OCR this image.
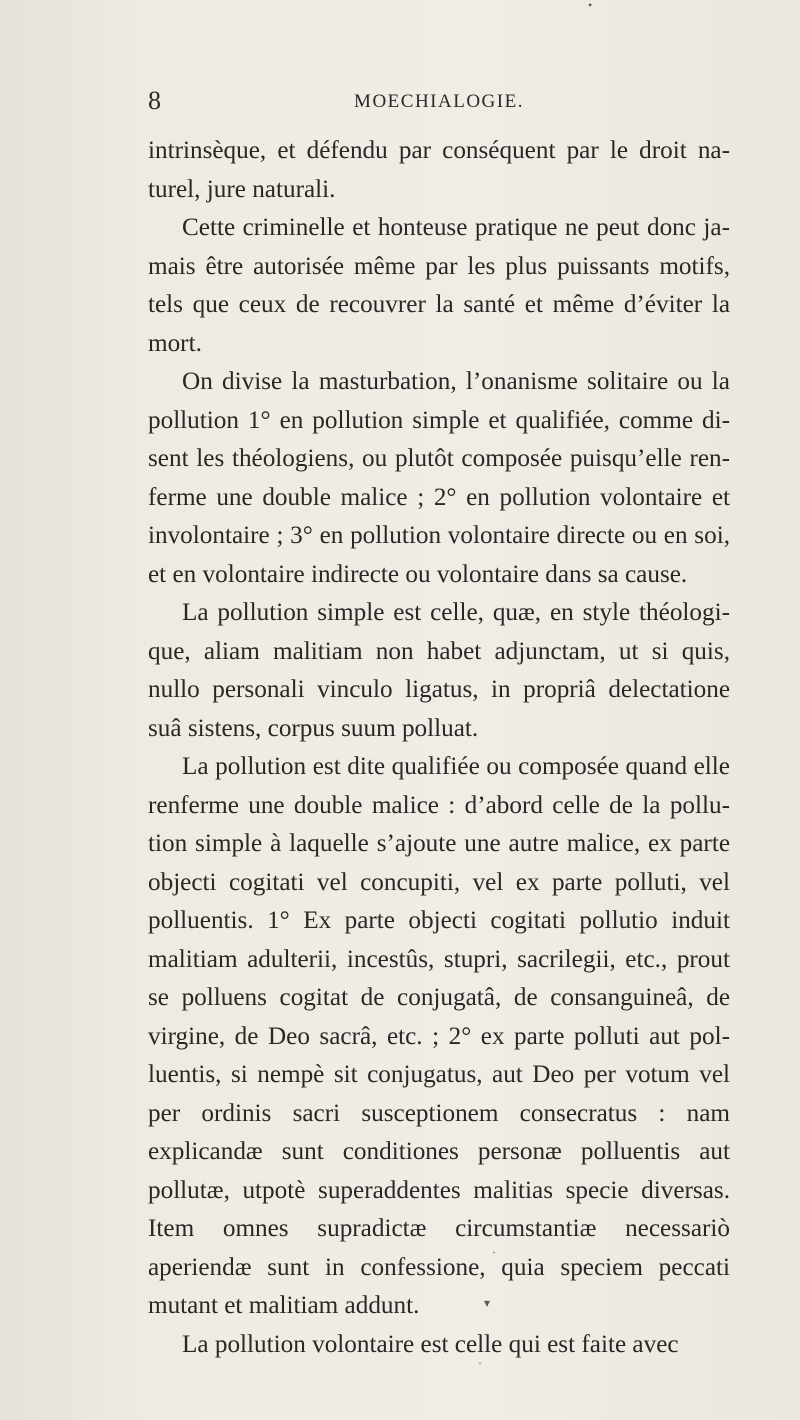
•
8	MOECHIALOGIE.

intrinsèque, et défendu par conséquent par le droit naturel, jure naturali.

Cette criminelle et honteuse pratique ne peut donc jamais être autorisée même par les plus puissants motifs, tels que ceux de recouvrer la santé et même d’éviter la mort.

On divise la masturbation, l’onanisme solitaire ou la pollution 1° en pollution simple et qualifiée, comme disent les théologiens, ou plutôt composée puisqu’elle renferme une double malice ; 2° en pollution volontaire et involontaire ; 3° en pollution volontaire directe ou en soi, et en volontaire indirecte ou volontaire dans sa cause.

La pollution simple est celle, quæ, en style théologique, aliam malitiam non habet adjunctam, ut si quis, nullo personali vinculo ligatus, in propriâ delectatione suâ sistens, corpus suum polluat.

La pollution est dite qualifiée ou composée quand elle renferme une double malice : d’abord celle de la pollution simple à laquelle s’ajoute une autre malice, ex parte objecti cogitati vel concupiti, vel ex parte polluti, vel polluentis. 1° Ex parte objecti cogitati pollutio induit malitiam adulterii, incestûs, stupri, sacrilegii, etc., prout se polluens cogitat de conjugatâ, de consanguineâ, de virgine, de Deo sacrâ, etc. ; 2° ex parte polluti aut polluentis, si nempè sit conjugatus, aut Deo per votum vel per ordinis sacri susceptionem consecratus : nam explicandæ sunt conditiones personæ polluentis aut pollutæ, utpotè superaddentes malitias specie diversas. Item omnes supradictæ circumstantiæ necessariò aperiendæ sunt in confessione, quia speciem peccati mutant et malitiam addunt.

La pollution volontaire est celle qui est faite avec

ˎ
▾
·
